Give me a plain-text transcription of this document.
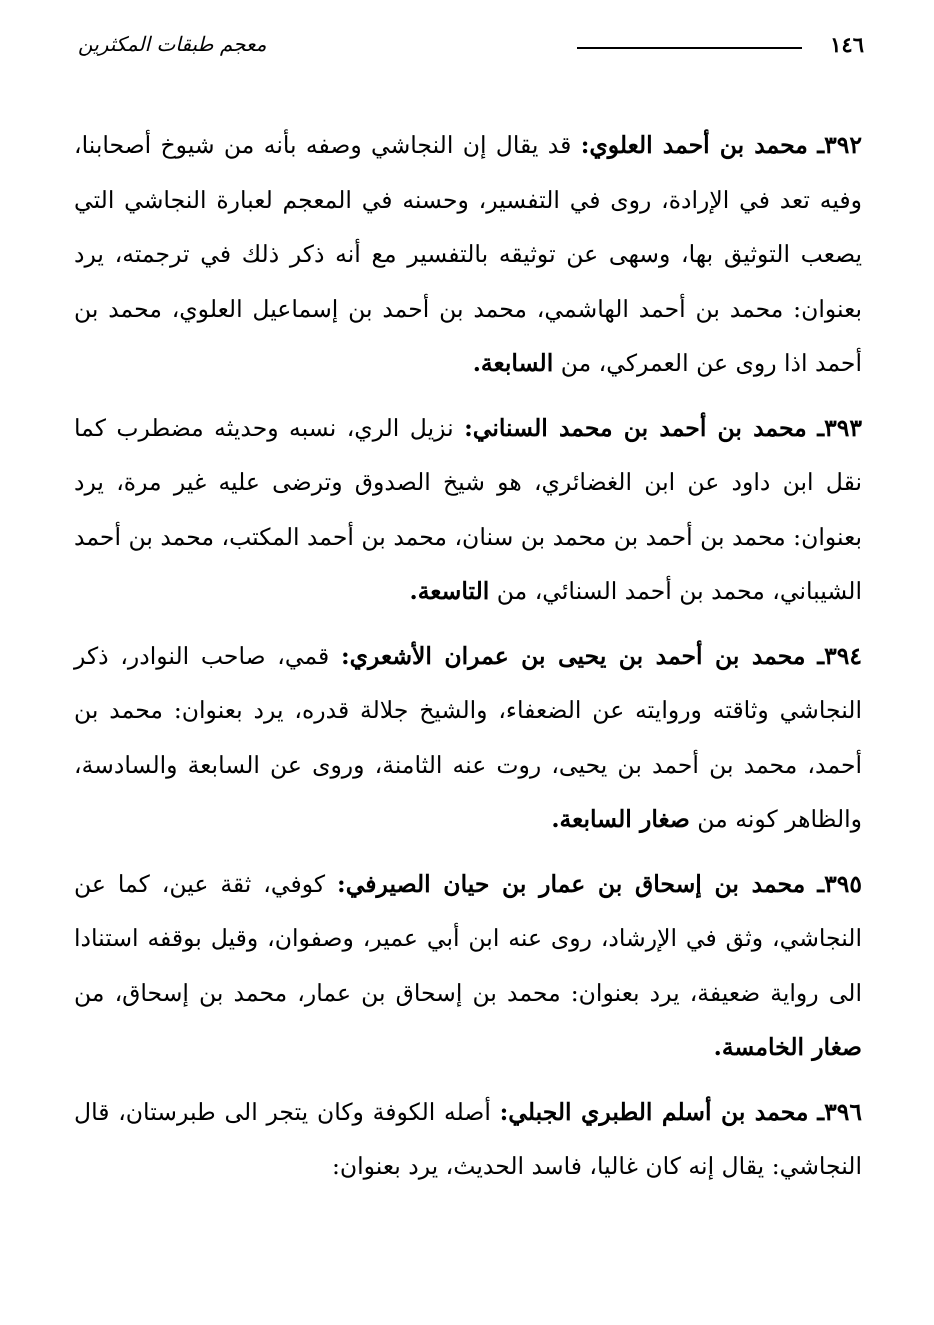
١٤٦
معجم طبقات المكثرين

٣٩٢ـ محمد بن أحمد العلوي: قد يقال إن النجاشي وصفه بأنه من شيوخ أصحابنا، وفيه تعد في الإرادة، روى في التفسير، وحسنه في المعجم لعبارة النجاشي التي يصعب التوثيق بها، وسهى عن توثيقه بالتفسير مع أنه ذكر ذلك في ترجمته، يرد بعنوان: محمد بن أحمد الهاشمي، محمد بن أحمد بن إسماعيل العلوي، محمد بن أحمد اذا روى عن العمركي، من السابعة.

٣٩٣ـ محمد بن أحمد بن محمد السناني: نزيل الري، نسبه وحديثه مضطرب كما نقل ابن داود عن ابن الغضائري، هو شيخ الصدوق وترضى عليه غير مرة، يرد بعنوان: محمد بن أحمد بن محمد بن سنان، محمد بن أحمد المكتب، محمد بن أحمد الشيباني، محمد بن أحمد السنائي، من التاسعة.

٣٩٤ـ محمد بن أحمد بن يحيى بن عمران الأشعري: قمي، صاحب النوادر، ذكر النجاشي وثاقته وروايته عن الضعفاء، والشيخ جلالة قدره، يرد بعنوان: محمد بن أحمد، محمد بن أحمد بن يحيى، روت عنه الثامنة، وروى عن السابعة والسادسة، والظاهر كونه من صغار السابعة.

٣٩٥ـ محمد بن إسحاق بن عمار بن حيان الصيرفي: كوفي، ثقة عين، كما عن النجاشي، وثق في الإرشاد، روى عنه ابن أبي عمير، وصفوان، وقيل بوقفه استنادا الى رواية ضعيفة، يرد بعنوان: محمد بن إسحاق بن عمار، محمد بن إسحاق، من صغار الخامسة.

٣٩٦ـ محمد بن أسلم الطبري الجبلي: أصله الكوفة وكان يتجر الى طبرستان، قال النجاشي: يقال إنه كان غاليا، فاسد الحديث، يرد بعنوان:
